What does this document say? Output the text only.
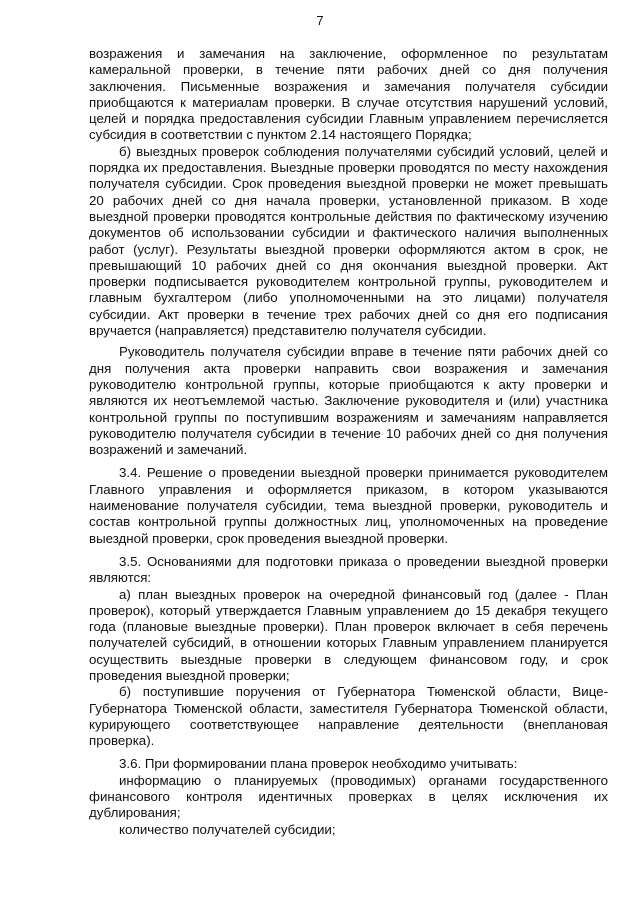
7

возражения и замечания на заключение, оформленное по результатам камеральной проверки, в течение пяти рабочих дней со дня получения заключения. Письменные возражения и замечания получателя субсидии приобщаются к материалам проверки. В случае отсутствия нарушений условий, целей и порядка предоставления субсидии Главным управлением перечисляется субсидия в соответствии с пунктом 2.14 настоящего Порядка;

б) выездных проверок соблюдения получателями субсидий условий, целей и порядка их предоставления. Выездные проверки проводятся по месту нахождения получателя субсидии. Срок проведения выездной проверки не может превышать 20 рабочих дней со дня начала проверки, установленной приказом. В ходе выездной проверки проводятся контрольные действия по фактическому изучению документов об использовании субсидии и фактического наличия выполненных работ (услуг). Результаты выездной проверки оформляются актом в срок, не превышающий 10 рабочих дней со дня окончания выездной проверки. Акт проверки подписывается руководителем контрольной группы, руководителем и главным бухгалтером (либо уполномоченными на это лицами) получателя субсидии. Акт проверки в течение трех рабочих дней со дня его подписания вручается (направляется) представителю получателя субсидии.

Руководитель получателя субсидии вправе в течение пяти рабочих дней со дня получения акта проверки направить свои возражения и замечания руководителю контрольной группы, которые приобщаются к акту проверки и являются их неотъемлемой частью. Заключение руководителя и (или) участника контрольной группы по поступившим возражениям и замечаниям направляется руководителю получателя субсидии в течение 10 рабочих дней со дня получения возражений и замечаний.

3.4. Решение о проведении выездной проверки принимается руководителем Главного управления и оформляется приказом, в котором указываются наименование получателя субсидии, тема выездной проверки, руководитель и состав контрольной группы должностных лиц, уполномоченных на проведение выездной проверки, срок проведения выездной проверки.

3.5. Основаниями для подготовки приказа о проведении выездной проверки являются:

а) план выездных проверок на очередной финансовый год (далее - План проверок), который утверждается Главным управлением до 15 декабря текущего года (плановые выездные проверки). План проверок включает в себя перечень получателей субсидий, в отношении которых Главным управлением планируется осуществить выездные проверки в следующем финансовом году, и срок проведения выездной проверки;

б) поступившие поручения от Губернатора Тюменской области, Вице-Губернатора Тюменской области, заместителя Губернатора Тюменской области, курирующего соответствующее направление деятельности (внеплановая проверка).

3.6. При формировании плана проверок необходимо учитывать:

информацию о планируемых (проводимых) органами государственного финансового контроля идентичных проверках в целях исключения их дублирования;

количество получателей субсидии;
